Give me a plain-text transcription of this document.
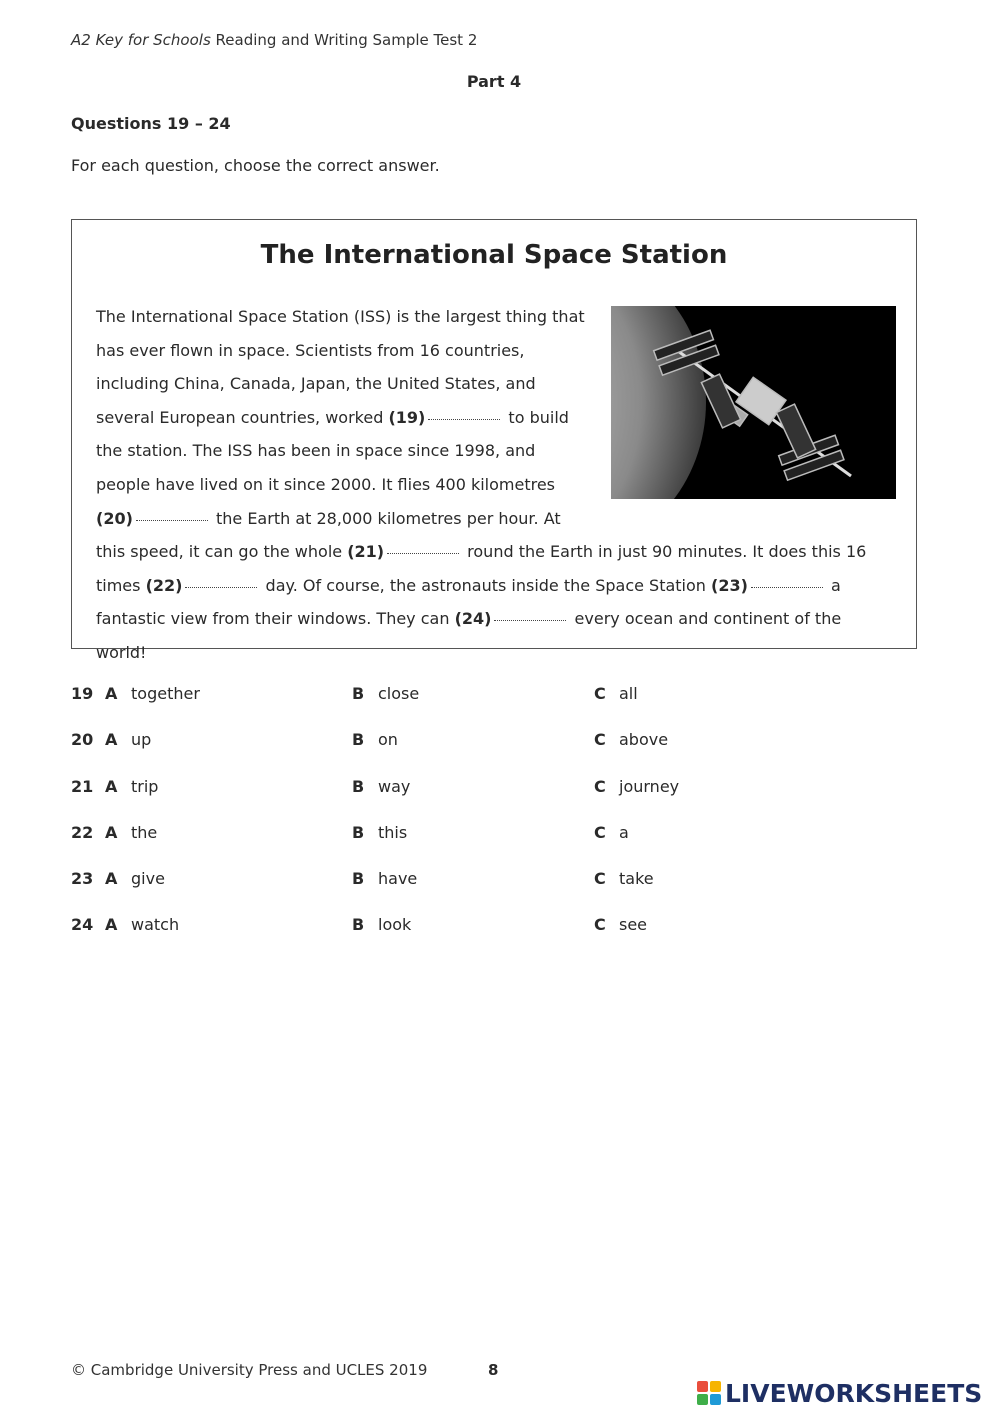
A2 Key for Schools Reading and Writing Sample Test 2
Part 4
Questions 19 – 24
For each question, choose the correct answer.
The International Space Station
The International Space Station (ISS) is the largest thing that has ever flown in space. Scientists from 16 countries, including China, Canada, Japan, the United States, and several European countries, worked (19)	to build the station. The ISS has been in space since 1998, and people have lived on it since 2000. It flies 400 kilometres (20)	the Earth at 28,000 kilometres per hour. At this speed, it can go the whole (21)	round the Earth in just 90 minutes. It does this 16 times (22)	day. Of course, the astronauts inside the Space Station (23)	a fantastic view from their windows. They can (24)	every ocean and continent of the world!
19 A together	B close	C all
20 A up	B on	C above
21 A trip	B way	C journey
22 A the	B this	C a
23 A give	B have	C take
24 A watch	B look	C see
© Cambridge University Press and UCLES 2019	8
LIVEWORKSHEETS
